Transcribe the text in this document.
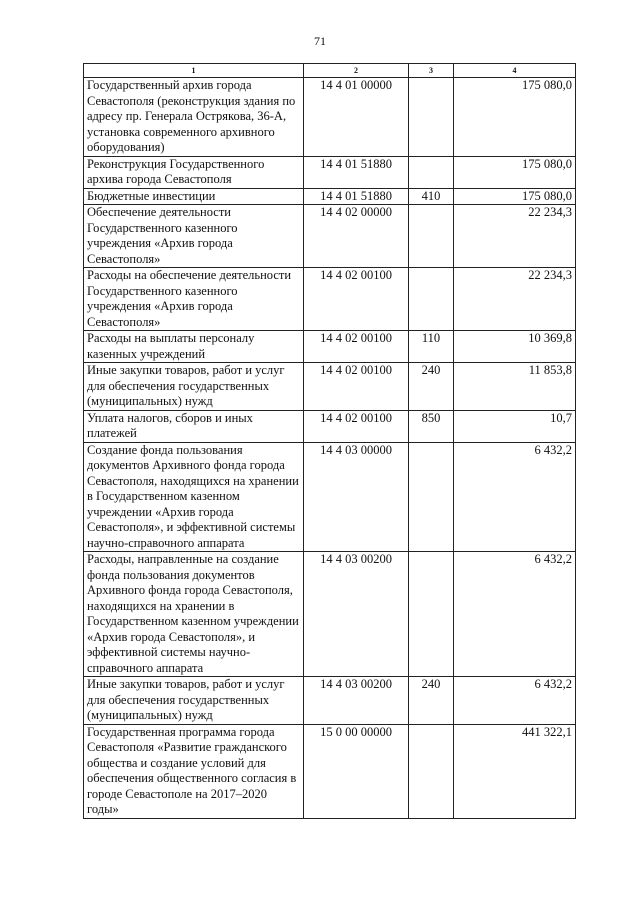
71
1	2	3	4
Государственный архив города Севастополя (реконструкция здания по адресу пр. Генерала Острякова, 36-А, установка современного архивного оборудования)	14 4 01 00000		175 080,0
Реконструкция Государственного архива города Севастополя	14 4 01 51880		175 080,0
Бюджетные инвестиции	14 4 01 51880	410	175 080,0
Обеспечение деятельности Государственного казенного учреждения «Архив города Севастополя»	14 4 02 00000		22 234,3
Расходы на обеспечение деятельности Государственного казенного учреждения «Архив города Севастополя»	14 4 02 00100		22 234,3
Расходы на выплаты персоналу казенных учреждений	14 4 02 00100	110	10 369,8
Иные закупки товаров, работ и услуг для обеспечения государственных (муниципальных) нужд	14 4 02 00100	240	11 853,8
Уплата налогов, сборов и иных платежей	14 4 02 00100	850	10,7
Создание фонда пользования документов Архивного фонда города Севастополя, находящихся на хранении в Государственном казенном учреждении «Архив города Севастополя», и эффективной системы научно-справочного аппарата	14 4 03 00000		6 432,2
Расходы, направленные на создание фонда пользования документов Архивного фонда города Севастополя, находящихся на хранении в Государственном казенном учреждении «Архив города Севастополя», и эффективной системы научно-справочного аппарата	14 4 03 00200		6 432,2
Иные закупки товаров, работ и услуг для обеспечения государственных (муниципальных) нужд	14 4 03 00200	240	6 432,2
Государственная программа города Севастополя «Развитие гражданского общества и создание условий для обеспечения общественного согласия в городе Севастополе на 2017–2020 годы»	15 0 00 00000		441 322,1
